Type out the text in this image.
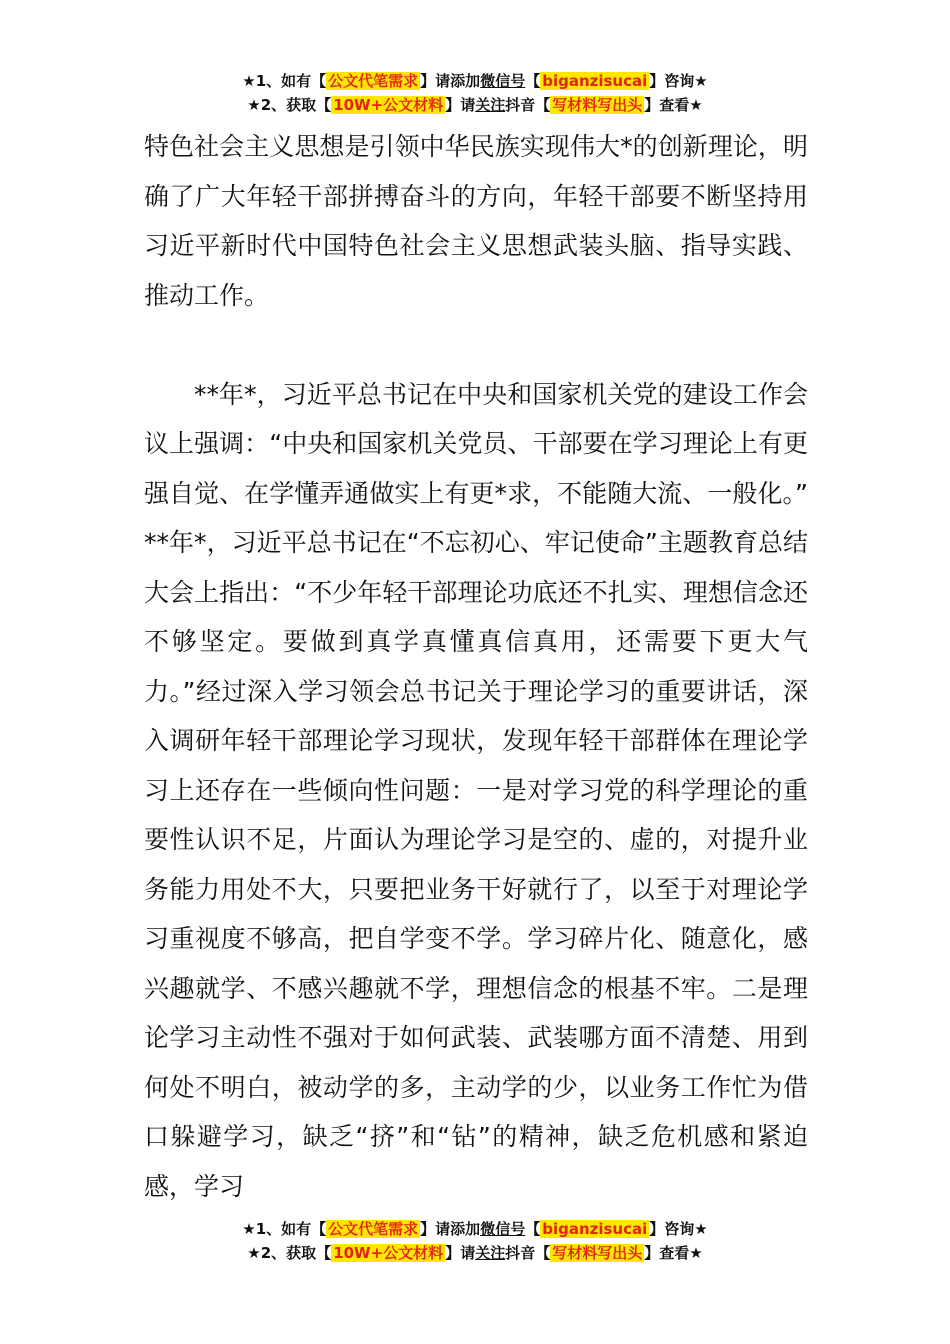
★1、如有【 公文代笔需求 】请添加微信号【 biganzisucai 】咨询★
★2、获取【 10W+公文材料 】请关注抖音【 写材料写出头 】查看★

特色社会主义思想是引领中华民族实现伟大*的创新理论，明确了广大年轻干部拼搏奋斗的方向，年轻干部要不断坚持用习近平新时代中国特色社会主义思想武装头脑、指导实践、推动工作。

**年*，习近平总书记在中央和国家机关党的建设工作会议上强调：“中央和国家机关党员、干部要在学习理论上有更强自觉、在学懂弄通做实上有更*求，不能随大流、一般化。” **年*，习近平总书记在“不忘初心、牢记使命”主题教育总结大会上指出：“不少年轻干部理论功底还不扎实、理想信念还不够坚定。要做到真学真懂真信真用，还需要下更大气力。”经过深入学习领会总书记关于理论学习的重要讲话，深入调研年轻干部理论学习现状，发现年轻干部群体在理论学习上还存在一些倾向性问题：一是对学习党的科学理论的重要性认识不足，片面认为理论学习是空的、虚的，对提升业务能力用处不大，只要把业务干好就行了，以至于对理论学习重视度不够高，把自学变不学。学习碎片化、随意化，感兴趣就学、不感兴趣就不学，理想信念的根基不牢。二是理论学习主动性不强对于如何武装、武装哪方面不清楚、用到何处不明白，被动学的多，主动学的少，以业务工作忙为借口躲避学习，缺乏“挤”和“钻”的精神，缺乏危机感和紧迫感，学习

★1、如有【 公文代笔需求 】请添加微信号【 biganzisucai 】咨询★
★2、获取【 10W+公文材料 】请关注抖音【 写材料写出头 】查看★
